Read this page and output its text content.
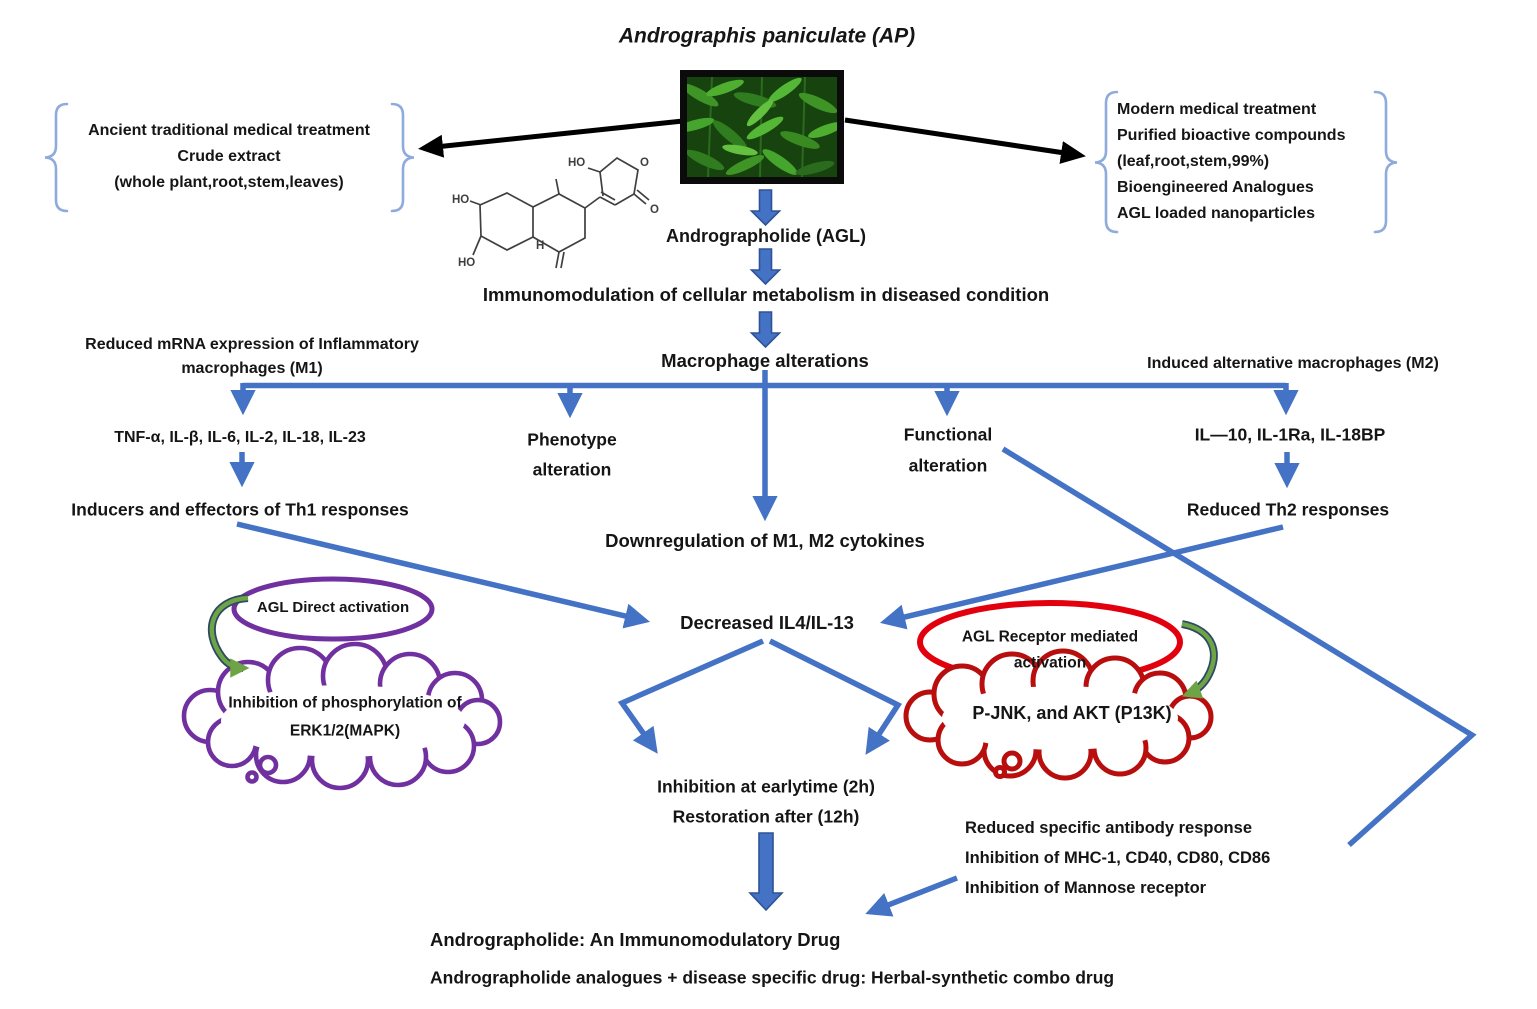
HO
HO
HO
H
O
O
Andrographis paniculate (AP)
Ancient traditional medical treatment
Crude extract
(whole plant,root,stem,leaves)
Modern medical treatment
Purified bioactive compounds
(leaf,root,stem,99%)
Bioengineered Analogues
AGL loaded nanoparticles
Andrographolide (AGL)
Immunomodulation of cellular metabolism in diseased condition
Macrophage alterations
Reduced mRNA expression of Inflammatory
macrophages (M1)	Induced alternative macrophages (M2)
TNF-α, IL-β, IL-6, IL-2, IL-18, IL-23	Phenotype
alteration
Functional
alteration
IL—10, IL-1Ra, IL-18BP
Inducers and effectors of Th1 responses
Downregulation of M1, M2 cytokines
Reduced Th2 responses
Decreased IL4/IL-13
Inhibition at earlytime (2h)
Restoration after (12h)
AGL Direct activation
Inhibition of phosphorylation of
ERK1/2(MAPK)
AGL Receptor mediated
activation
P-JNK, and AKT (P13K)
Reduced specific antibody response
Inhibition of MHC-1, CD40, CD80, CD86
Inhibition of Mannose receptor
Andrographolide: An Immunomodulatory Drug
Andrographolide analogues + disease specific drug: Herbal-synthetic combo drug
